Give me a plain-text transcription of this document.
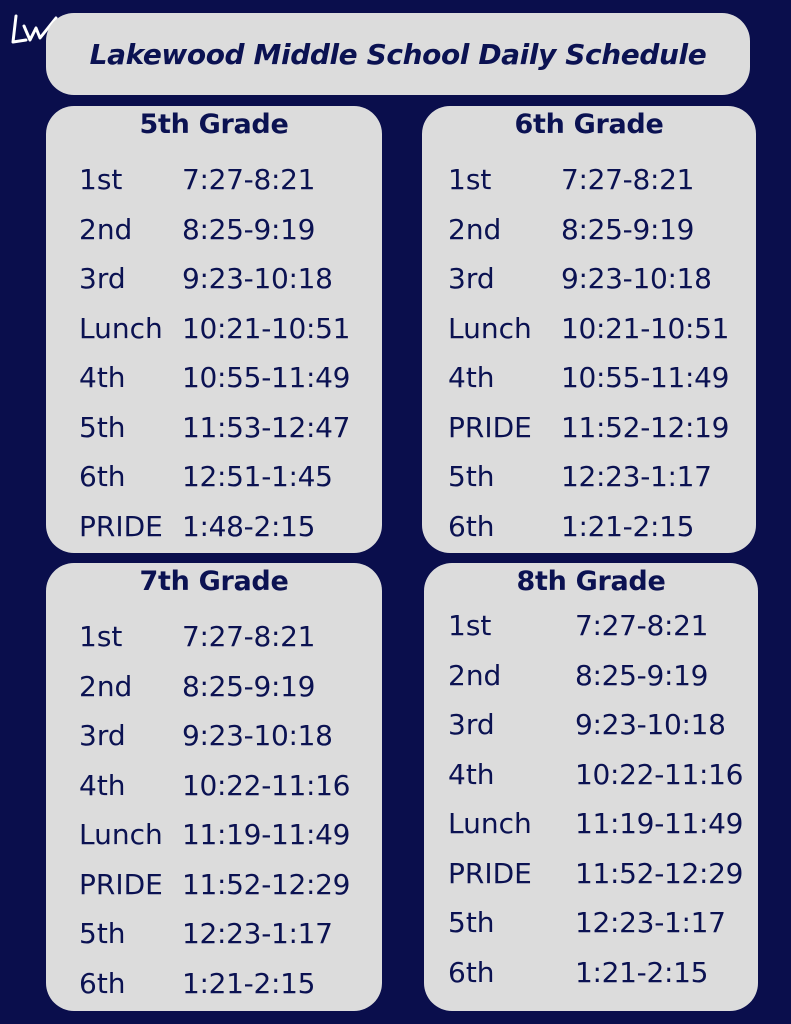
Lakewood Middle School Daily Schedule
5th Grade
1st 7:27-8:21
2nd 8:25-9:19
3rd 9:23-10:18
Lunch 10:21-10:51
4th 10:55-11:49
5th 11:53-12:47
6th 12:51-1:45
PRIDE 1:48-2:15
6th Grade
1st 7:27-8:21
2nd 8:25-9:19
3rd 9:23-10:18
Lunch 10:21-10:51
4th 10:55-11:49
PRIDE 11:52-12:19
5th 12:23-1:17
6th 1:21-2:15
7th Grade
1st 7:27-8:21
2nd 8:25-9:19
3rd 9:23-10:18
4th 10:22-11:16
Lunch 11:19-11:49
PRIDE 11:52-12:29
5th 12:23-1:17
6th 1:21-2:15
8th Grade
1st	7:27-8:21
2nd	8:25-9:19
3rd	9:23-10:18
4th	10:22-11:16
Lunch 11:19-11:49
PRIDE 11:52-12:29
5th	12:23-1:17
6th	1:21-2:15
